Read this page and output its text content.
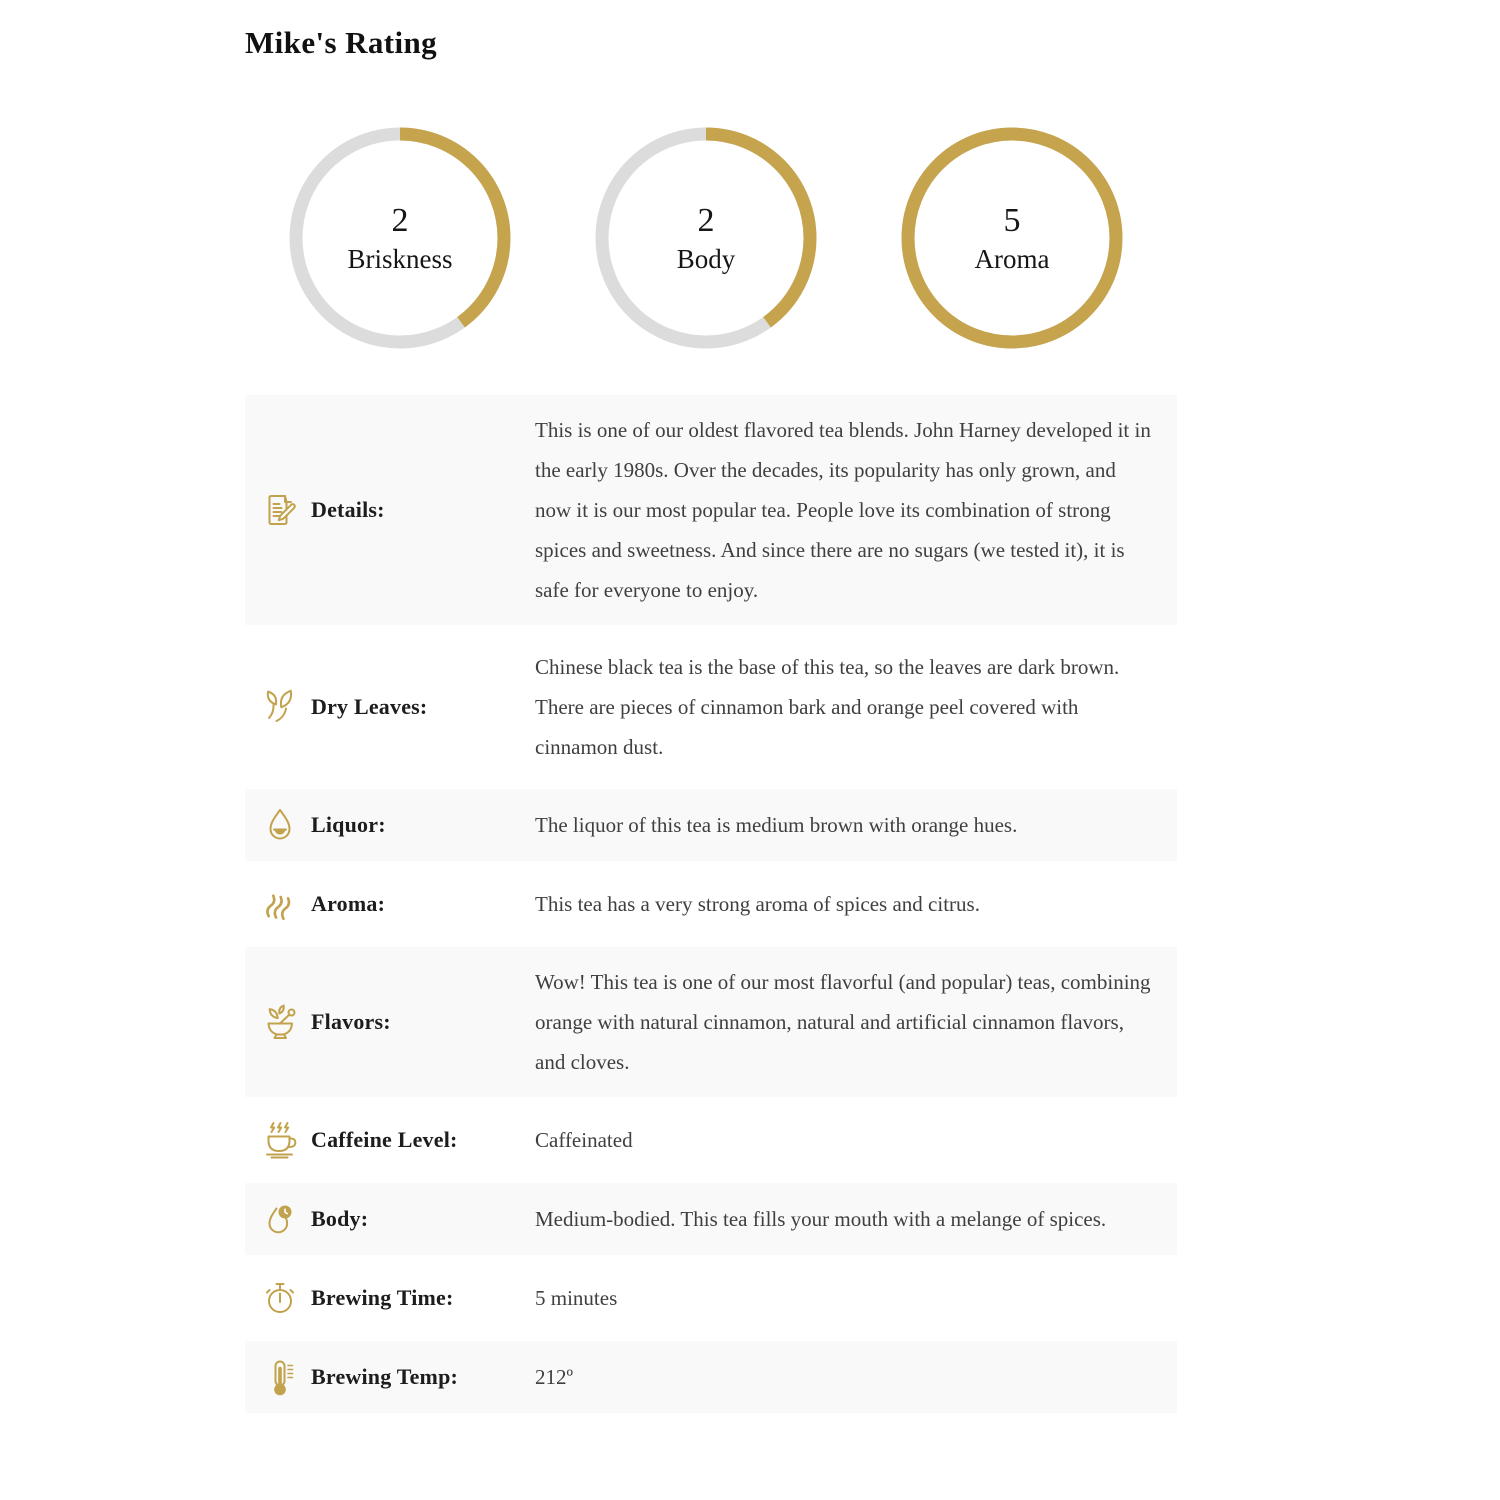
Mike's Rating
2
Briskness
2
Body
5
Aroma
Details:
This is one of our oldest flavored tea blends. John Harney developed it in the early 1980s. Over the decades, its popularity has only grown, and now it is our most popular tea. People love its combination of strong spices and sweetness. And since there are no sugars (we tested it), it is safe for everyone to enjoy.
Dry Leaves:
Chinese black tea is the base of this tea, so the leaves are dark brown. There are pieces of cinnamon bark and orange peel covered with cinnamon dust.
Liquor:	The liquor of this tea is medium brown with orange hues.
Aroma:	This tea has a very strong aroma of spices and citrus.
Flavors:
Wow! This tea is one of our most flavorful (and popular) teas, combining orange with natural cinnamon, natural and artificial cinnamon flavors, and cloves.
Caffeine Level:	Caffeinated
Body:	Medium-bodied. This tea fills your mouth with a melange of spices.
Brewing Time:	5 minutes
Brewing Temp:	212º
